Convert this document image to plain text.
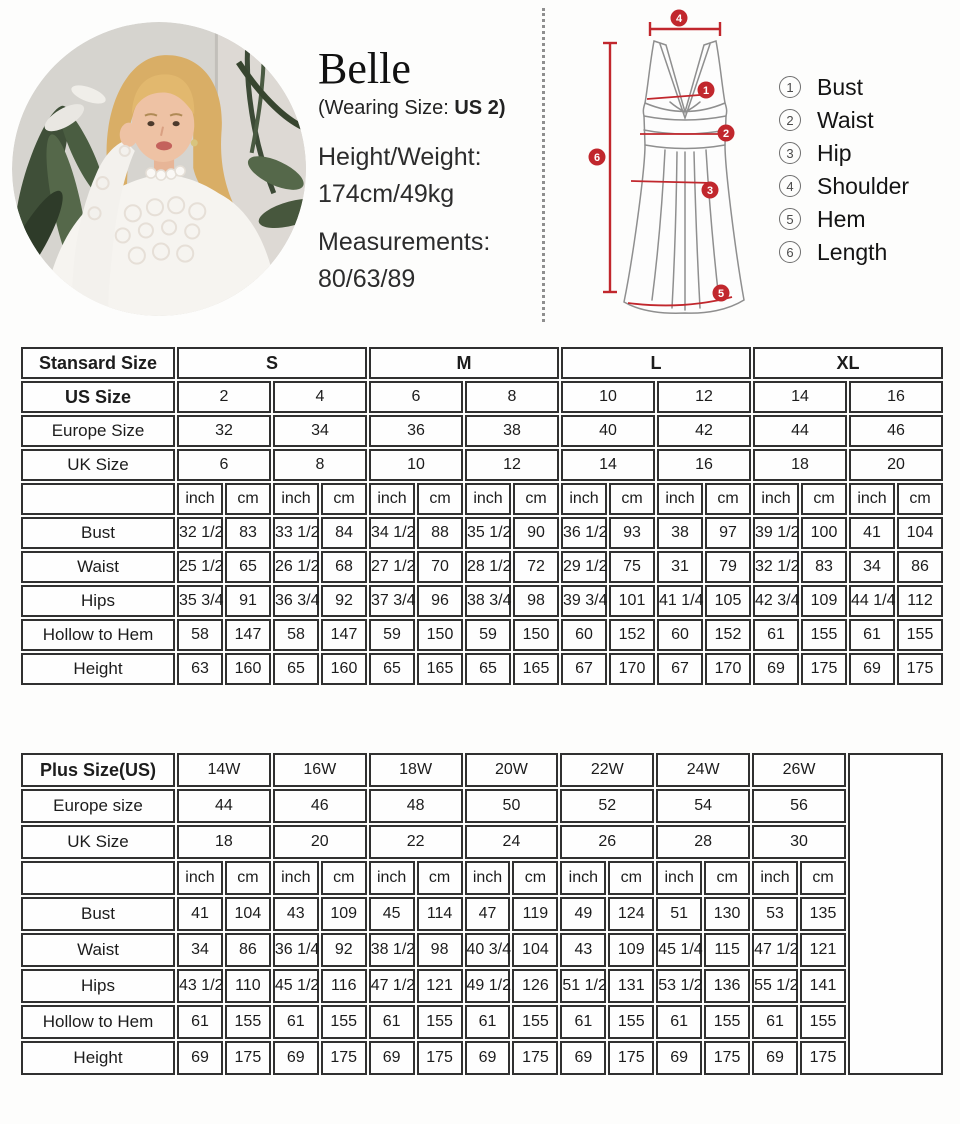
Belle
(Wearing Size: US 2)
Height/Weight:
174cm/49kg
Measurements:
80/63/89
1
2
3
4
5
6
1	Bust
2	Waist
3	Hip
4	Shoulder
5	Hem
6	Length
Stansard Size	S				M				L				XL			
US Size	2		4		6		8		10		12		14		16	
Europe Size	32		34		36		38		40		42		44		46	
UK Size	6		8		10		12		14		16		18		20	
	inch	cm	inch	cm	inch	cm	inch	cm	inch	cm	inch	cm	inch	cm	inch	cm
Bust	32 1/2	83	33 1/2	84	34 1/2	88	35 1/2	90	36 1/2	93	38	97	39 1/2	100	41	104
Waist	25 1/2	65	26 1/2	68	27 1/2	70	28 1/2	72	29 1/2	75	31	79	32 1/2	83	34	86
Hips	35 3/4	91	36 3/4	92	37 3/4	96	38 3/4	98	39 3/4	101	41 1/4	105	42 3/4	109	44 1/4	112
Hollow to Hem	58	147	58	147	59	150	59	150	60	152	60	152	61	155	61	155
Height	63	160	65	160	65	165	65	165	67	170	67	170	69	175	69	175
Plus Size(US)	14W		16W		18W		20W		22W		24W		26W		
Europe size	44		46		48		50		52		54		56		
UK Size	18		20		22		24		26		28		30		
	inch	cm	inch	cm	inch	cm	inch	cm	inch	cm	inch	cm	inch	cm	
Bust	41	104	43	109	45	114	47	119	49	124	51	130	53	135	
Waist	34	86	36 1/4	92	38 1/2	98	40 3/4	104	43	109	45 1/4	115	47 1/2	121	
Hips	43 1/2	110	45 1/2	116	47 1/2	121	49 1/2	126	51 1/2	131	53 1/2	136	55 1/2	141	
Hollow to Hem	61	155	61	155	61	155	61	155	61	155	61	155	61	155	
Height	69	175	69	175	69	175	69	175	69	175	69	175	69	175	
